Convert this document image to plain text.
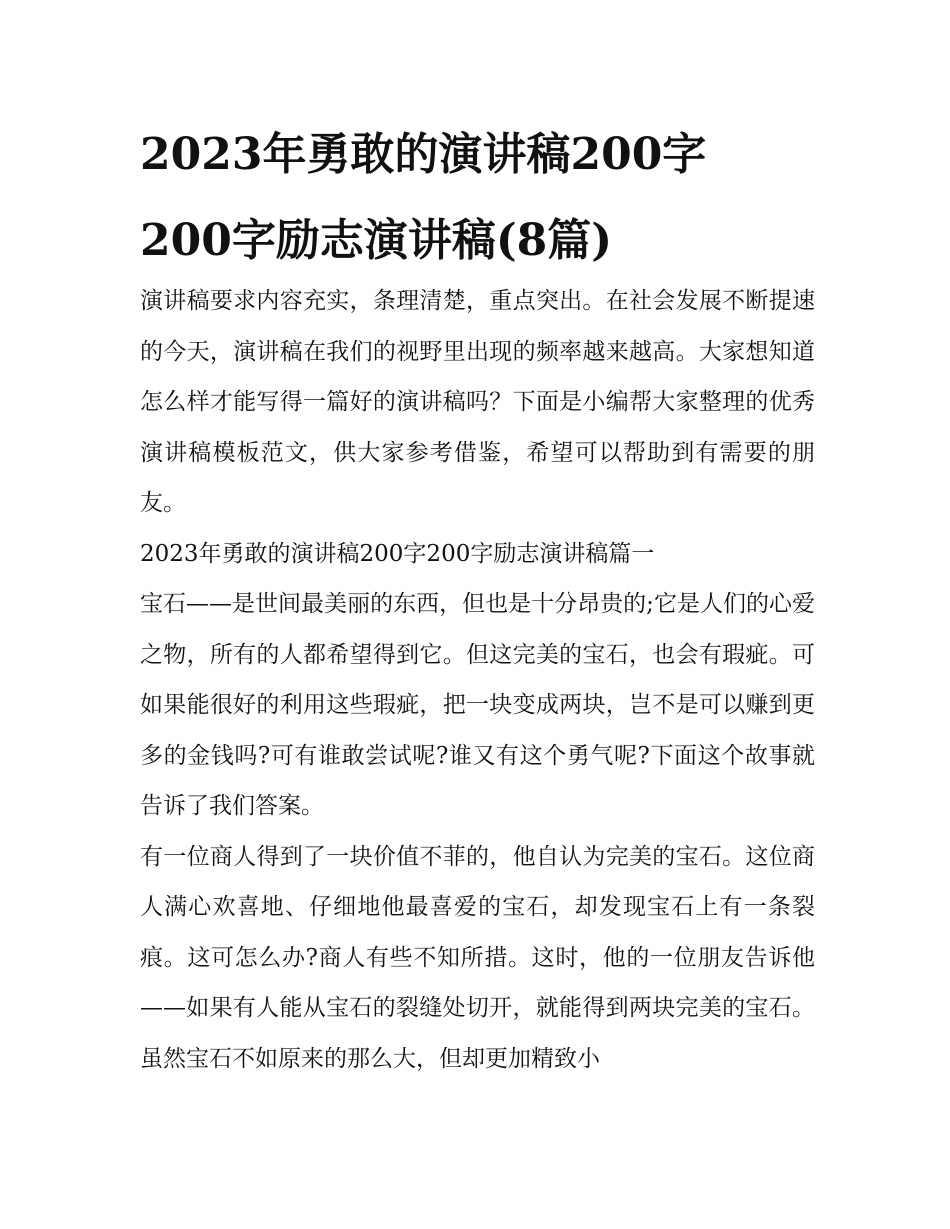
2023年勇敢的演讲稿200字
200字励志演讲稿(8篇)

演讲稿要求内容充实，条理清楚，重点突出。在社会发展不断提速的今天，演讲稿在我们的视野里出现的频率越来越高。大家想知道怎么样才能写得一篇好的演讲稿吗？下面是小编帮大家整理的优秀演讲稿模板范文，供大家参考借鉴，希望可以帮助到有需要的朋友。

2023年勇敢的演讲稿200字200字励志演讲稿篇一

宝石——是世间最美丽的东西，但也是十分昂贵的;它是人们的心爱之物，所有的人都希望得到它。但这完美的宝石，也会有瑕疵。可如果能很好的利用这些瑕疵，把一块变成两块，岂不是可以赚到更多的金钱吗?可有谁敢尝试呢?谁又有这个勇气呢?下面这个故事就告诉了我们答案。

有一位商人得到了一块价值不菲的，他自认为完美的宝石。这位商人满心欢喜地、仔细地他最喜爱的宝石，却发现宝石上有一条裂痕。这可怎么办?商人有些不知所措。这时，他的一位朋友告诉他——如果有人能从宝石的裂缝处切开，就能得到两块完美的宝石。虽然宝石不如原来的那么大，但却更加精致小
